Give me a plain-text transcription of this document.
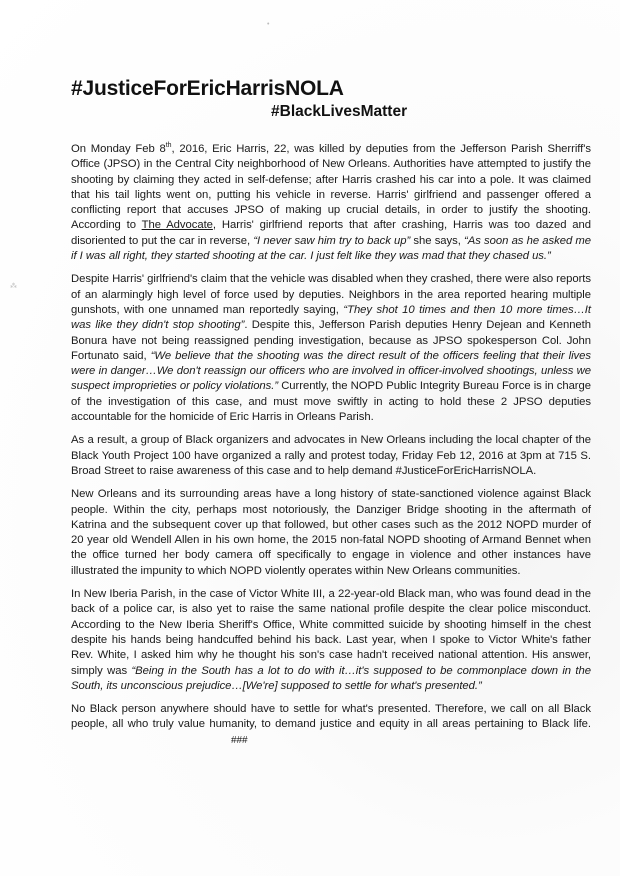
•
⁂
#JusticeForEricHarrisNOLA
#BlackLivesMatter

On Monday Feb 8th, 2016, Eric Harris, 22, was killed by deputies from the Jefferson Parish Sherriff's Office (JPSO) in the Central City neighborhood of New Orleans. Authorities have attempted to justify the shooting by claiming they acted in self-defense; after Harris crashed his car into a pole. It was claimed that his tail lights went on, putting his vehicle in reverse. Harris' girlfriend and passenger offered a conflicting report that accuses JPSO of making up crucial details, in order to justify the shooting. According to The Advocate, Harris' girlfriend reports that after crashing, Harris was too dazed and disoriented to put the car in reverse, “I never saw him try to back up” she says, “As soon as he asked me if I was all right, they started shooting at the car. I just felt like they was mad that they chased us.”

Despite Harris' girlfriend's claim that the vehicle was disabled when they crashed, there were also reports of an alarmingly high level of force used by deputies. Neighbors in the area reported hearing multiple gunshots, with one unnamed man reportedly saying, “They shot 10 times and then 10 more times…It was like they didn't stop shooting”. Despite this, Jefferson Parish deputies Henry Dejean and Kenneth Bonura have not being reassigned pending investigation, because as JPSO spokesperson Col. John Fortunato said, “We believe that the shooting was the direct result of the officers feeling that their lives were in danger…We don't reassign our officers who are involved in officer-involved shootings, unless we suspect improprieties or policy violations.” Currently, the NOPD Public Integrity Bureau Force is in charge of the investigation of this case, and must move swiftly in acting to hold these 2 JPSO deputies accountable for the homicide of Eric Harris in Orleans Parish.

As a result, a group of Black organizers and advocates in New Orleans including the local chapter of the Black Youth Project 100 have organized a rally and protest today, Friday Feb 12, 2016 at 3pm at 715 S. Broad Street to raise awareness of this case and to help demand #JusticeForEricHarrisNOLA.

New Orleans and its surrounding areas have a long history of state-sanctioned violence against Black people. Within the city, perhaps most notoriously, the Danziger Bridge shooting in the aftermath of Katrina and the subsequent cover up that followed, but other cases such as the 2012 NOPD murder of 20 year old Wendell Allen in his own home, the 2015 non-fatal NOPD shooting of Armand Bennet when the office turned her body camera off specifically to engage in violence and other instances have illustrated the impunity to which NOPD violently operates within New Orleans communities.

In New Iberia Parish, in the case of Victor White III, a 22-year-old Black man, who was found dead in the back of a police car, is also yet to raise the same national profile despite the clear police misconduct. According to the New Iberia Sheriff's Office, White committed suicide by shooting himself in the chest despite his hands being handcuffed behind his back. Last year, when I spoke to Victor White's father Rev. White, I asked him why he thought his son's case hadn't received national attention. His answer, simply was “Being in the South has a lot to do with it…it's supposed to be commonplace down in the South, its unconscious prejudice…[We're] supposed to settle for what's presented.”

No Black person anywhere should have to settle for what's presented. Therefore, we call on all Black people, all who truly value humanity, to demand justice and equity in all areas pertaining to Black life.###
